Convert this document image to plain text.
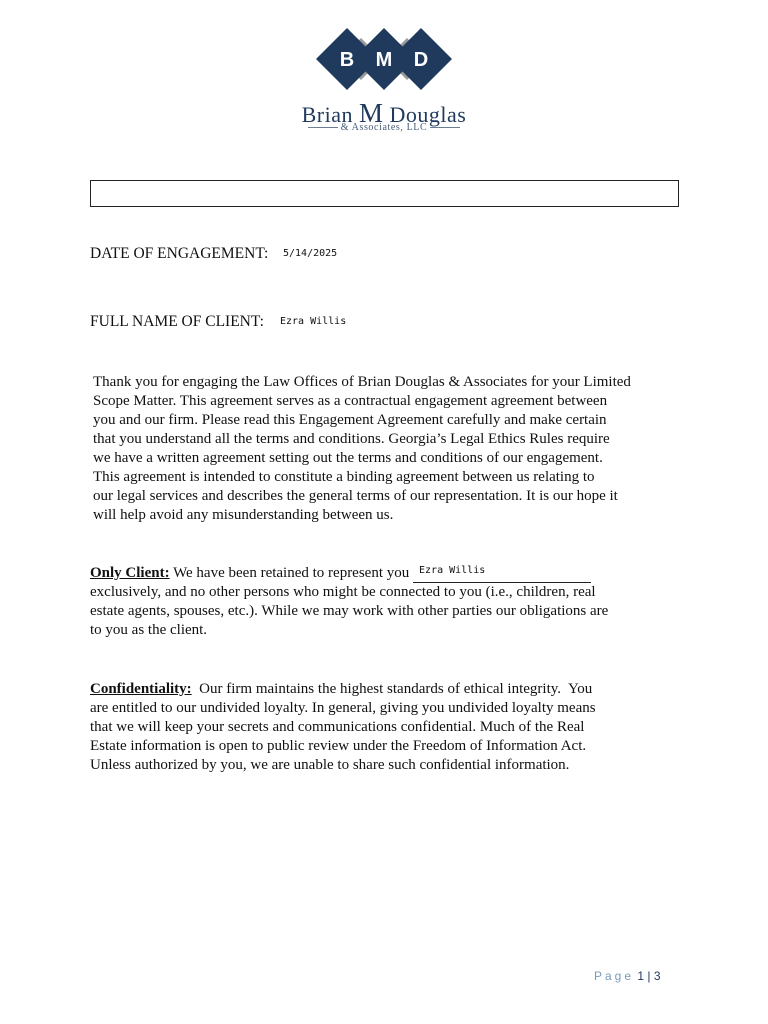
B M D
Brian M Douglas
& Associates, LLC
DATE OF ENGAGEMENT: 5/14/2025
FULL NAME OF CLIENT: Ezra Willis
Thank you for engaging the Law Offices of Brian Douglas & Associates for your Limited
Scope Matter. This agreement serves as a contractual engagement agreement between
you and our firm. Please read this Engagement Agreement carefully and make certain
that you understand all the terms and conditions. Georgia’s Legal Ethics Rules require
we have a written agreement setting out the terms and conditions of our engagement.
This agreement is intended to constitute a binding agreement between us relating to
our legal services and describes the general terms of our representation. It is our hope it
will help avoid any misunderstanding between us.
Only Client: We have been retained to represent you Ezra Willis
exclusively, and no other persons who might be connected to you (i.e., children, real
estate agents, spouses, etc.). While we may work with other parties our obligations are
to you as the client.
Confidentiality:  Our firm maintains the highest standards of ethical integrity.  You
are entitled to our undivided loyalty. In general, giving you undivided loyalty means
that we will keep your secrets and communications confidential. Much of the Real
Estate information is open to public review under the Freedom of Information Act.
Unless authorized by you, we are unable to share such confidential information.
Page 1 | 3
